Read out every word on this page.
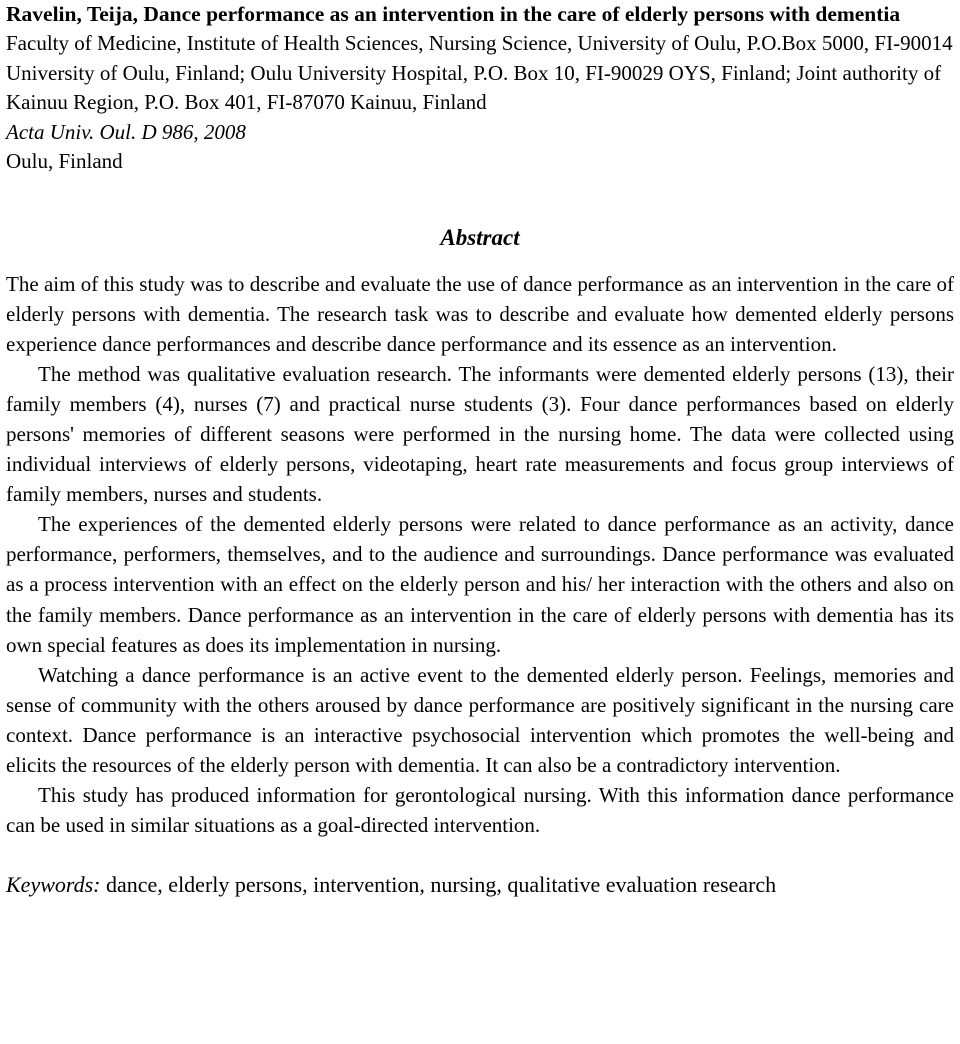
Ravelin, Teija, Dance performance as an intervention in the care of elderly persons with dementia
Faculty of Medicine, Institute of Health Sciences, Nursing Science, University of Oulu, P.O.Box 5000, FI-90014 University of Oulu, Finland; Oulu University Hospital, P.O. Box 10, FI-90029 OYS, Finland; Joint authority of Kainuu Region, P.O. Box 401, FI-87070 Kainuu, Finland
Acta Univ. Oul. D 986, 2008
Oulu, Finland
Abstract

The aim of this study was to describe and evaluate the use of dance performance as an intervention in the care of elderly persons with dementia. The research task was to describe and evaluate how demented elderly persons experience dance performances and describe dance performance and its essence as an intervention.

The method was qualitative evaluation research. The informants were demented elderly persons (13), their family members (4), nurses (7) and practical nurse students (3). Four dance performances based on elderly persons' memories of different seasons were performed in the nursing home. The data were collected using individual interviews of elderly persons, videotaping, heart rate measurements and focus group interviews of family members, nurses and students.

The experiences of the demented elderly persons were related to dance performance as an activity, dance performance, performers, themselves, and to the audience and surroundings. Dance performance was evaluated as a process intervention with an effect on the elderly person and his/ her interaction with the others and also on the family members. Dance performance as an intervention in the care of elderly persons with dementia has its own special features as does its implementation in nursing.

Watching a dance performance is an active event to the demented elderly person. Feelings, memories and sense of community with the others aroused by dance performance are positively significant in the nursing care context. Dance performance is an interactive psychosocial intervention which promotes the well-being and elicits the resources of the elderly person with dementia. It can also be a contradictory intervention.

This study has produced information for gerontological nursing. With this information dance performance can be used in similar situations as a goal-directed intervention.

Keywords: dance, elderly persons, intervention, nursing, qualitative evaluation research
